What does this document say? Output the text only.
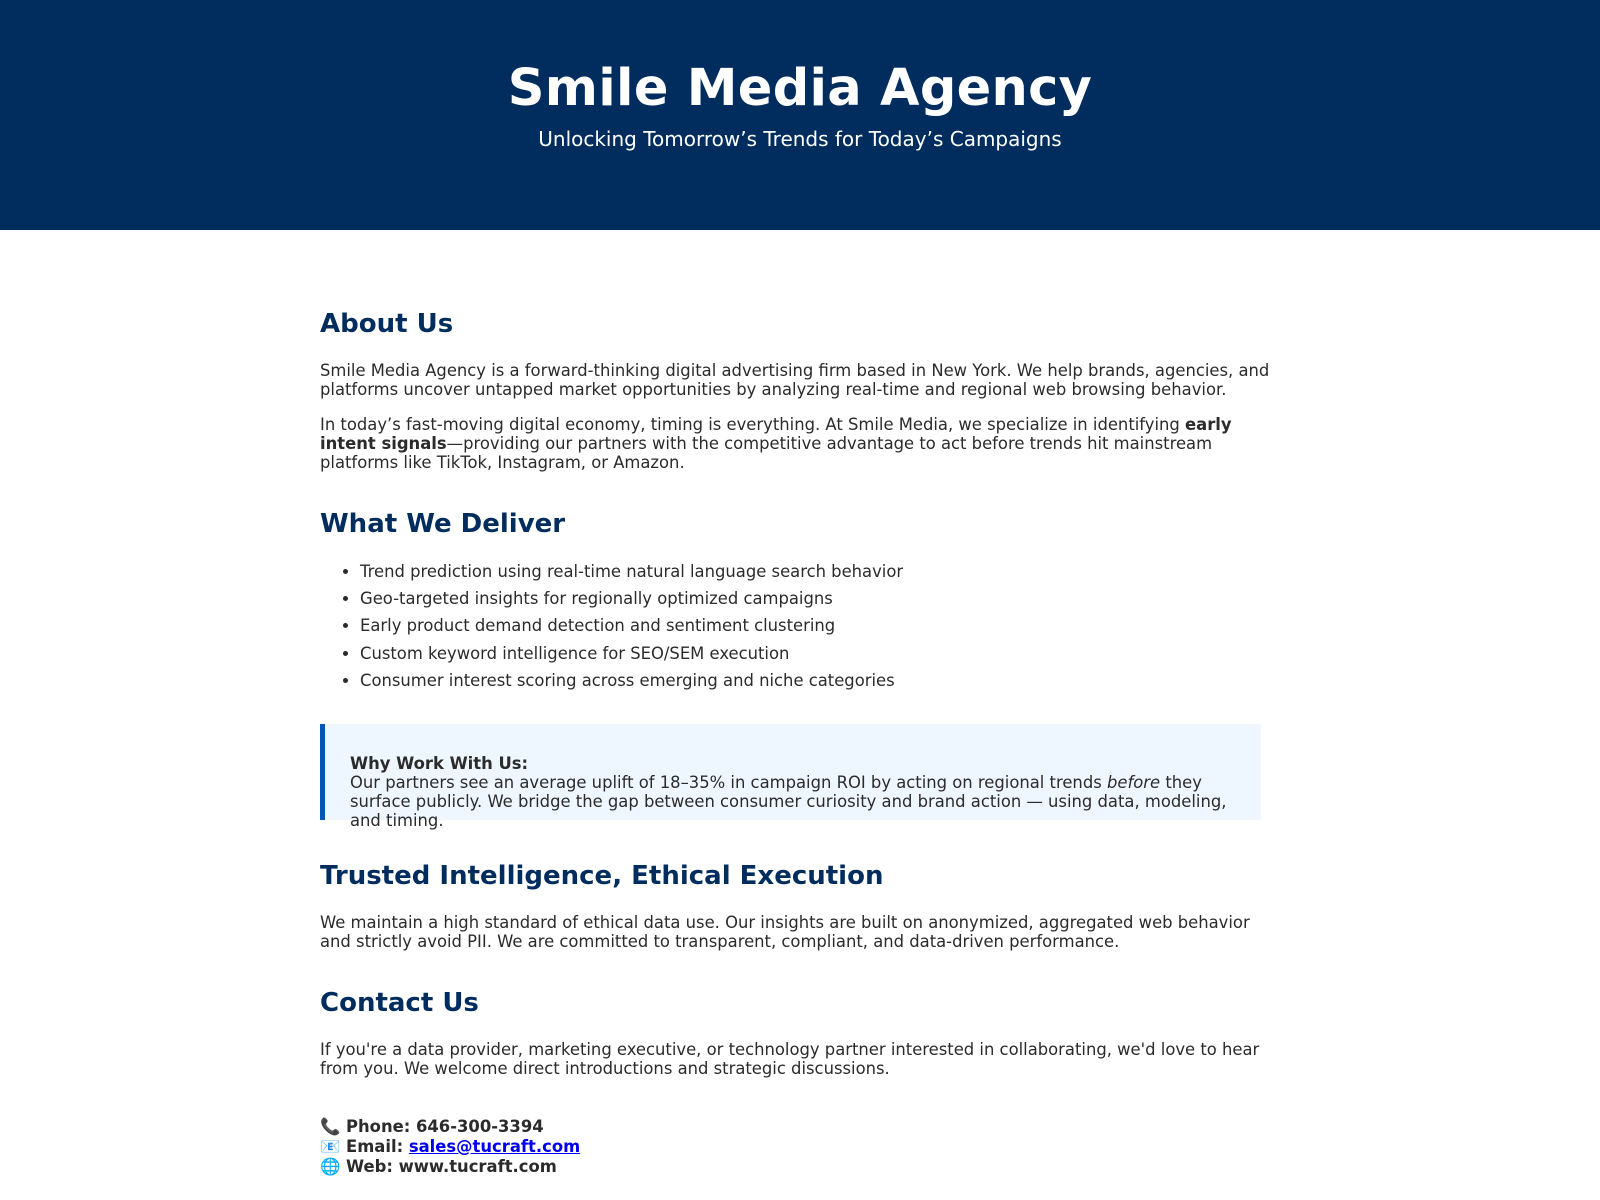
Smile Media Agency
Unlocking Tomorrow’s Trends for Today’s Campaigns
About Us

Smile Media Agency is a forward-thinking digital advertising firm based in New York. We help brands, agencies, and platforms uncover untapped market opportunities by analyzing real-time and regional web browsing behavior.

In today’s fast-moving digital economy, timing is everything. At Smile Media, we specialize in identifying early intent signals—providing our partners with the competitive advantage to act before trends hit mainstream platforms like TikTok, Instagram, or Amazon.

What We Deliver
• Trend prediction using real-time natural language search behavior
• Geo-targeted insights for regionally optimized campaigns
• Early product demand detection and sentiment clustering
• Custom keyword intelligence for SEO/SEM execution
• Consumer interest scoring across emerging and niche categories
Why Work With Us:
Our partners see an average uplift of 18–35% in campaign ROI by acting on regional trends before they surface publicly. We bridge the gap between consumer curiosity and brand action — using data, modeling, and timing.
Trusted Intelligence, Ethical Execution

We maintain a high standard of ethical data use. Our insights are built on anonymized, aggregated web behavior and strictly avoid PII. We are committed to transparent, compliant, and data-driven performance.

Contact Us

If you're a data provider, marketing executive, or technology partner interested in collaborating, we'd love to hear from you. We welcome direct introductions and strategic discussions.

📞 Phone: 646-300-3394
📧 Email: sales@tucraft.com
🌐 Web: www.tucraft.com
